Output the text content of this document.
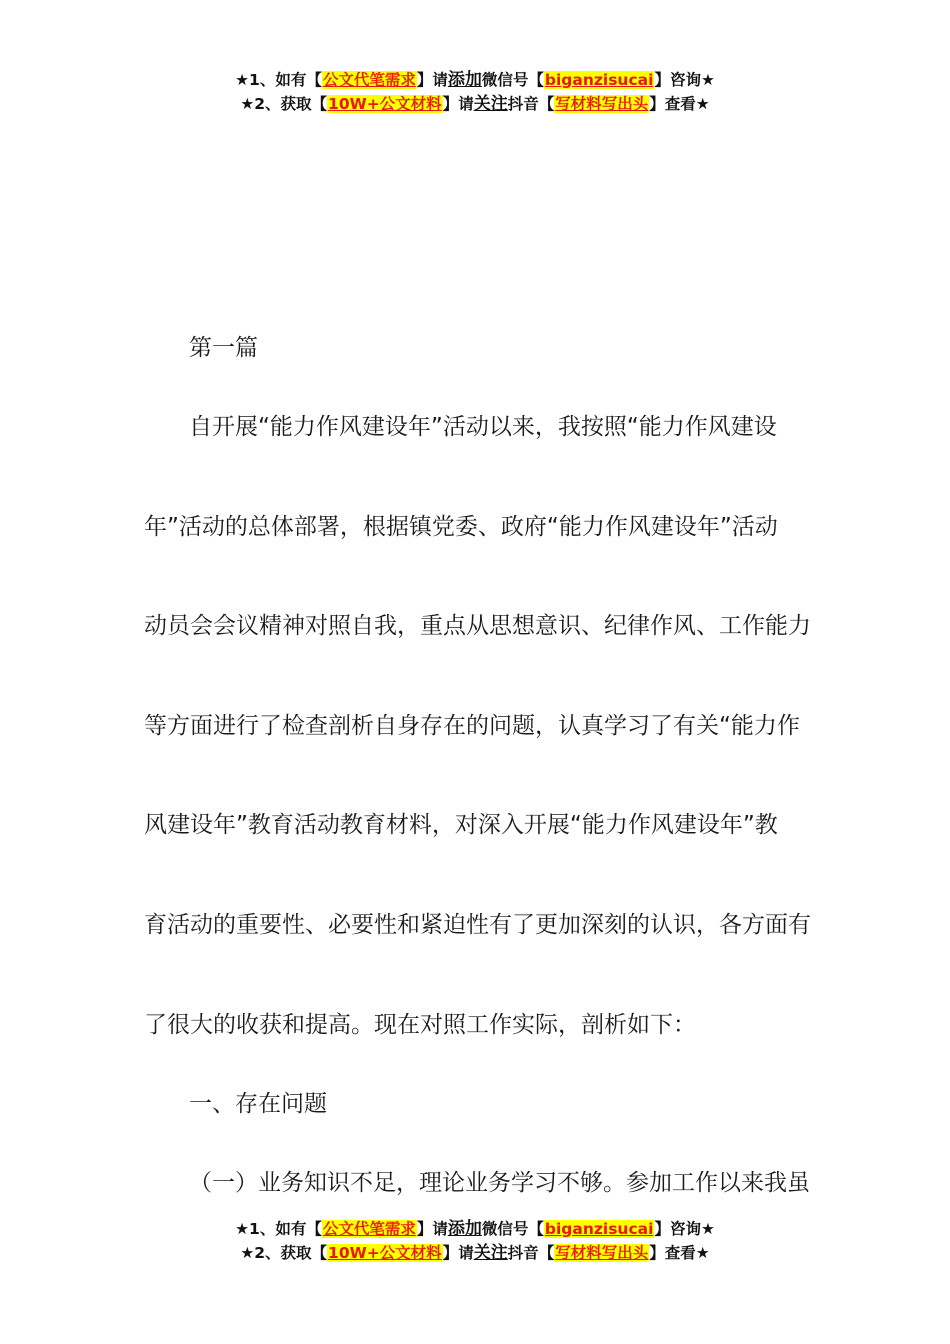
★1、如有【公文代笔需求】请添加微信号【biganzisucai】咨询★
★2、获取【10W+公文材料】请关注抖音【写材料写出头】查看★
第一篇
自开展“能力作风建设年”活动以来，我按照“能力作风建设
年”活动的总体部署，根据镇党委、政府“能力作风建设年”活动
动员会会议精神对照自我，重点从思想意识、纪律作风、工作能力
等方面进行了检查剖析自身存在的问题，认真学习了有关“能力作
风建设年”教育活动教育材料，对深入开展“能力作风建设年”教
育活动的重要性、必要性和紧迫性有了更加深刻的认识，各方面有
了很大的收获和提高。现在对照工作实际，剖析如下：
一、存在问题
（一）业务知识不足，理论业务学习不够。参加工作以来我虽
★1、如有【公文代笔需求】请添加微信号【biganzisucai】咨询★
★2、获取【10W+公文材料】请关注抖音【写材料写出头】查看★
